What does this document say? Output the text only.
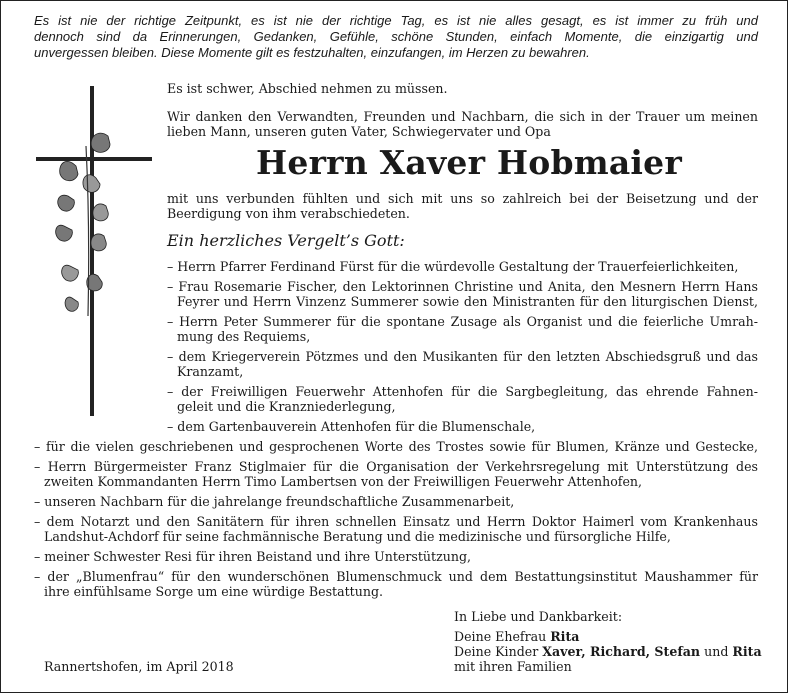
Es ist nie der richtige Zeitpunkt, es ist nie der richtige Tag, es ist nie alles gesagt, es ist immer zu früh und

dennoch sind da Erinnerungen, Gedanken, Gefühle, schöne Stunden, einfach Momente, die einzigartig und

unvergessen bleiben. Diese Momente gilt es festzuhalten, einzufangen, im Herzen zu bewahren.

Es ist schwer, Abschied nehmen zu müssen.

Wir danken den Verwandten, Freunden und Nachbarn, die sich in der Trauer um meinen

lieben Mann, unseren guten Vater, Schwiegervater und Opa

Herrn Xaver Hobmaier

mit uns verbunden fühlten und sich mit uns so zahlreich bei der Beisetzung und der

Beerdigung von ihm verabschiedeten.

Ein herzliches Vergelt’s Gott:

– Herrn Pfarrer Ferdinand Fürst für die würdevolle Gestaltung der Trauerfeierlichkeiten,

– Frau Rosemarie Fischer, den Lektorinnen Christine und Anita, den Mesnern Herrn Hans

Feyrer und Herrn Vinzenz Summerer sowie den Ministranten für den liturgischen Dienst,

– Herrn Peter Summerer für die spontane Zusage als Organist und die feierliche Umrah-

mung des Requiems,

– dem Kriegerverein Pötzmes und den Musikanten für den letzten Abschiedsgruß und das

Kranzamt,

– der Freiwilligen Feuerwehr Attenhofen für die Sargbegleitung, das ehrende Fahnen-

geleit und die Kranzniederlegung,

– dem Gartenbauverein Attenhofen für die Blumenschale,

– für die vielen geschriebenen und gesprochenen Worte des Trostes sowie für Blumen, Kränze und Gestecke,

– Herrn Bürgermeister Franz Stiglmaier für die Organisation der Verkehrsregelung mit Unterstützung des

zweiten Kommandanten Herrn Timo Lambertsen von der Freiwilligen Feuerwehr Attenhofen,

– unseren Nachbarn für die jahrelange freundschaftliche Zusammenarbeit,

– dem Notarzt und den Sanitätern für ihren schnellen Einsatz und Herrn Doktor Haimerl vom Krankenhaus

Landshut-Achdorf für seine fachmännische Beratung und die medizinische und fürsorgliche Hilfe,

– meiner Schwester Resi für ihren Beistand und ihre Unterstützung,

– der „Blumenfrau“ für den wunderschönen Blumenschmuck und dem Bestattungsinstitut Maushammer für

ihre einfühlsame Sorge um eine würdige Bestattung.

In Liebe und Dankbarkeit:

Deine Ehefrau Rita

Deine Kinder Xaver, Richard, Stefan und Rita

mit ihren Familien

Rannertshofen, im April 2018
